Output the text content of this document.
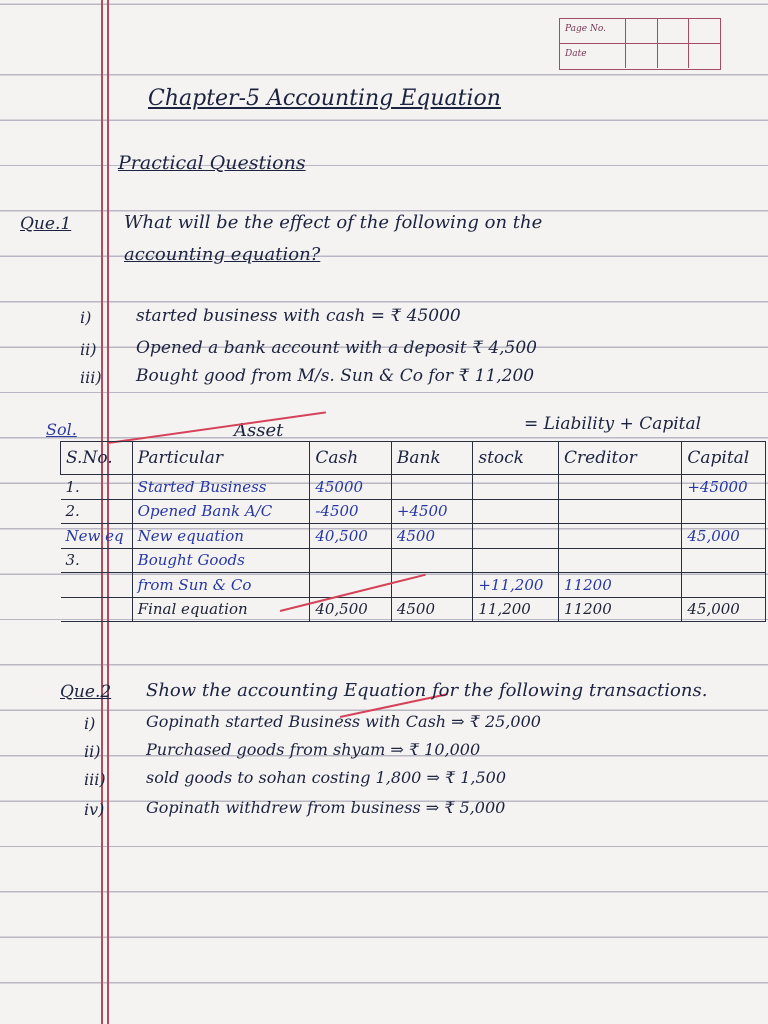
Page No.
Date
Chapter-5 Accounting Equation
Practical Questions
Que.1	What will be the effect of the following on the
accounting equation?
i)	started business with cash = ₹ 45000
ii) Opened a bank account with a deposit ₹ 4,500
iii) Bought good from M/s. Sun & Co for ₹ 11,200
Sol.	Asset	= Liability + Capital
S.No.	Particular	Cash	Bank	stock	Creditor	Capital
1.	Started Business	45000				+45000
2.	Opened Bank A/C	-4500	+4500			
New eq	New equation	40,500	4500			45,000
3.	Bought Goods					
	from Sun & Co			+11,200	11200	
	Final equation	40,500	4500	11,200	11200	45,000
Que.2 Show the accounting Equation for the following transactions.
i)	Gopinath started Business with Cash ⇒ ₹ 25,000
ii)	Purchased goods from shyam ⇒ ₹ 10,000
iii)	sold goods to sohan costing 1,800 ⇒ ₹ 1,500
iv)	Gopinath withdrew from business ⇒ ₹ 5,000
